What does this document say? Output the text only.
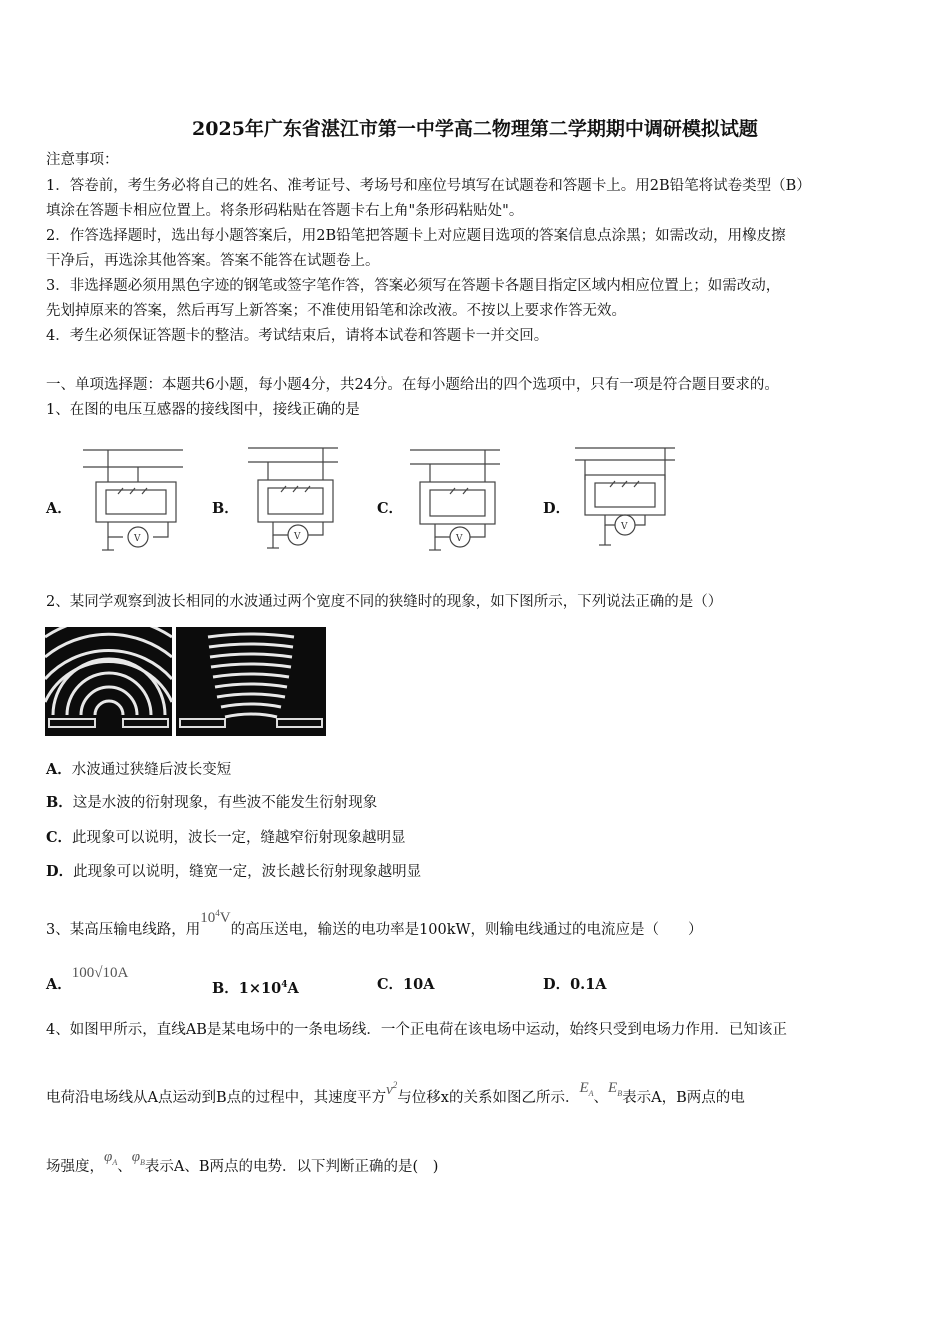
2025年广东省湛江市第一中学高二物理第二学期期中调研模拟试题
注意事项：
1．答卷前，考生务必将自己的姓名、准考证号、考场号和座位号填写在试题卷和答题卡上。用2B铅笔将试卷类型（B）
填涂在答题卡相应位置上。将条形码粘贴在答题卡右上角"条形码粘贴处"。
2．作答选择题时，选出每小题答案后，用2B铅笔把答题卡上对应题目选项的答案信息点涂黑；如需改动，用橡皮擦
干净后，再选涂其他答案。答案不能答在试题卷上。
3．非选择题必须用黑色字迹的钢笔或签字笔作答，答案必须写在答题卡各题目指定区域内相应位置上；如需改动，
先划掉原来的答案，然后再写上新答案；不准使用铅笔和涂改液。不按以上要求作答无效。
4．考生必须保证答题卡的整洁。考试结束后，请将本试卷和答题卡一并交回。
一、单项选择题：本题共6小题，每小题4分，共24分。在每小题给出的四个选项中，只有一项是符合题目要求的。
1、在图的电压互感器的接线图中，接线正确的是
A．	B．	C．	D．
V	V	V
V
2、某同学观察到波长相同的水波通过两个宽度不同的狭缝时的现象，如下图所示，下列说法正确的是（）
A．水波通过狭缝后波长变短
B．这是水波的衍射现象，有些波不能发生衍射现象
C．此现象可以说明，波长一定，缝越窄衍射现象越明显
D．此现象可以说明，缝宽一定，波长越长衍射现象越明显
3、某高压输电线路，用$10^4V$的高压送电，输送的电功率是100kW，则输电线通过的电流应是（　　）
A．100√10A
B．$1\times 10^4A$	C．10A	D．0.1A
4、如图甲所示，直线AB是某电场中的一条电场线．一个正电荷在该电场中运动，始终只受到电场力作用．已知该正
电荷沿电场线从A点运动到B点的过程中，其速度平方$v^2$与位移x的关系如图乙所示．$E_A$、$E_B$表示A，B两点的电
场强度，$\varphi_A$、$\varphi_B$表示A、B两点的电势．以下判断正确的是(　)
